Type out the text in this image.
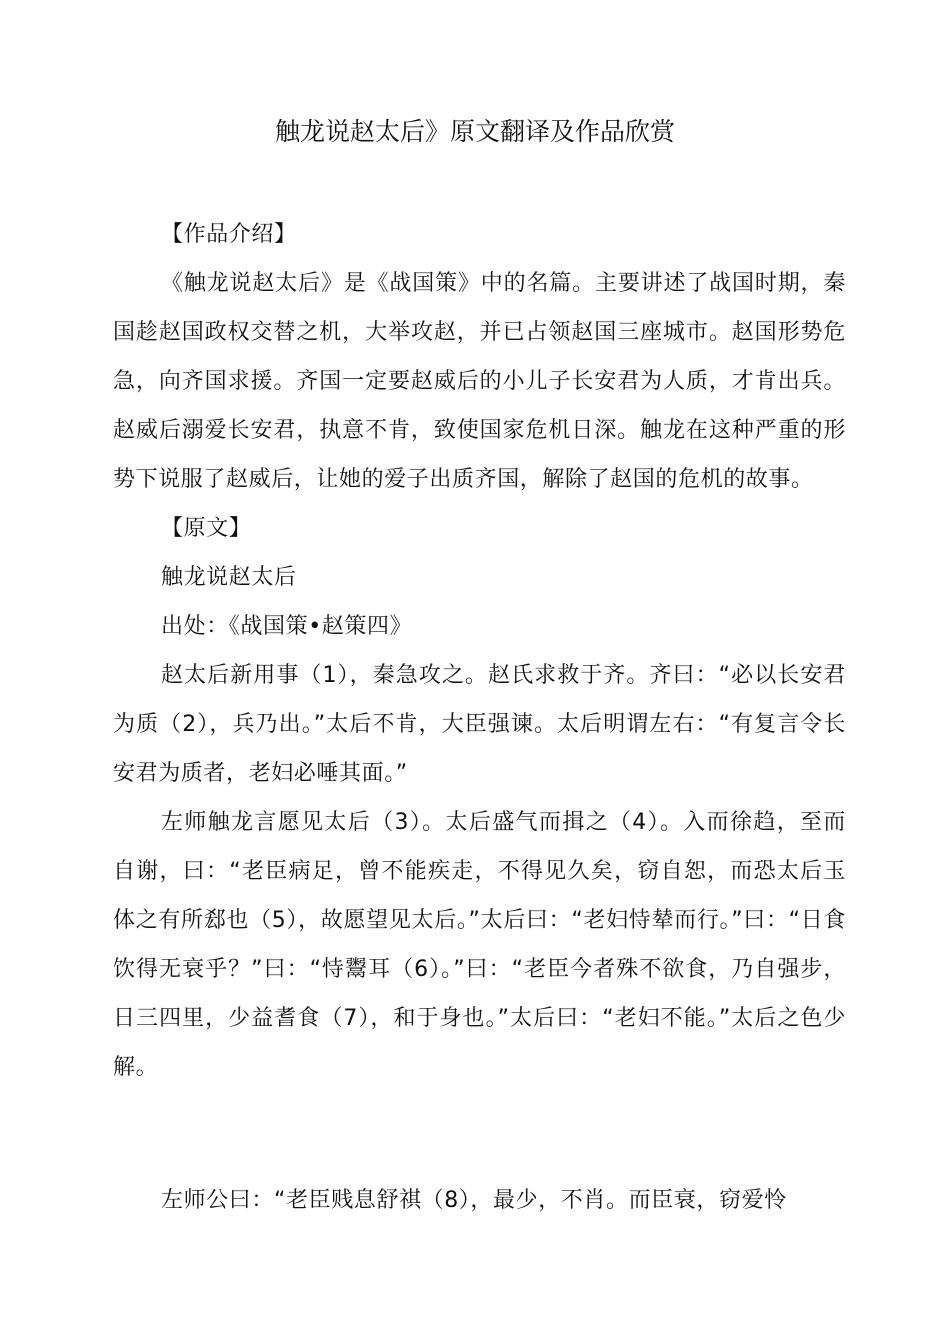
触龙说赵太后》原文翻译及作品欣赏

【作品介绍】

《触龙说赵太后》是《战国策》中的名篇。主要讲述了战国时期，秦国趁赵国政权交替之机，大举攻赵，并已占领赵国三座城市。赵国形势危急，向齐国求援。齐国一定要赵威后的小儿子长安君为人质，才肯出兵。赵威后溺爱长安君，执意不肯，致使国家危机日深。触龙在这种严重的形势下说服了赵威后，让她的爱子出质齐国，解除了赵国的危机的故事。

【原文】

触龙说赵太后

出处：《战国策•赵策四》

赵太后新用事（1），秦急攻之。赵氏求救于齐。齐曰：“必以长安君为质（2），兵乃出。”太后不肯，大臣强谏。太后明谓左右：“有复言令长安君为质者，老妇必唾其面。”

左师触龙言愿见太后（3）。太后盛气而揖之（4）。入而徐趋，至而自谢，曰：“老臣病足，曾不能疾走，不得见久矣，窃自恕，而恐太后玉体之有所郄也（5），故愿望见太后。”太后曰：“老妇恃辇而行。”曰：“日食饮得无衰乎？”曰：“恃鬻耳（6）。”曰：“老臣今者殊不欲食，乃自强步，日三四里，少益耆食（7），和于身也。”太后曰：“老妇不能。”太后之色少解。

左师公曰：“老臣贱息舒祺（8），最少，不肖。而臣衰，窃爱怜
